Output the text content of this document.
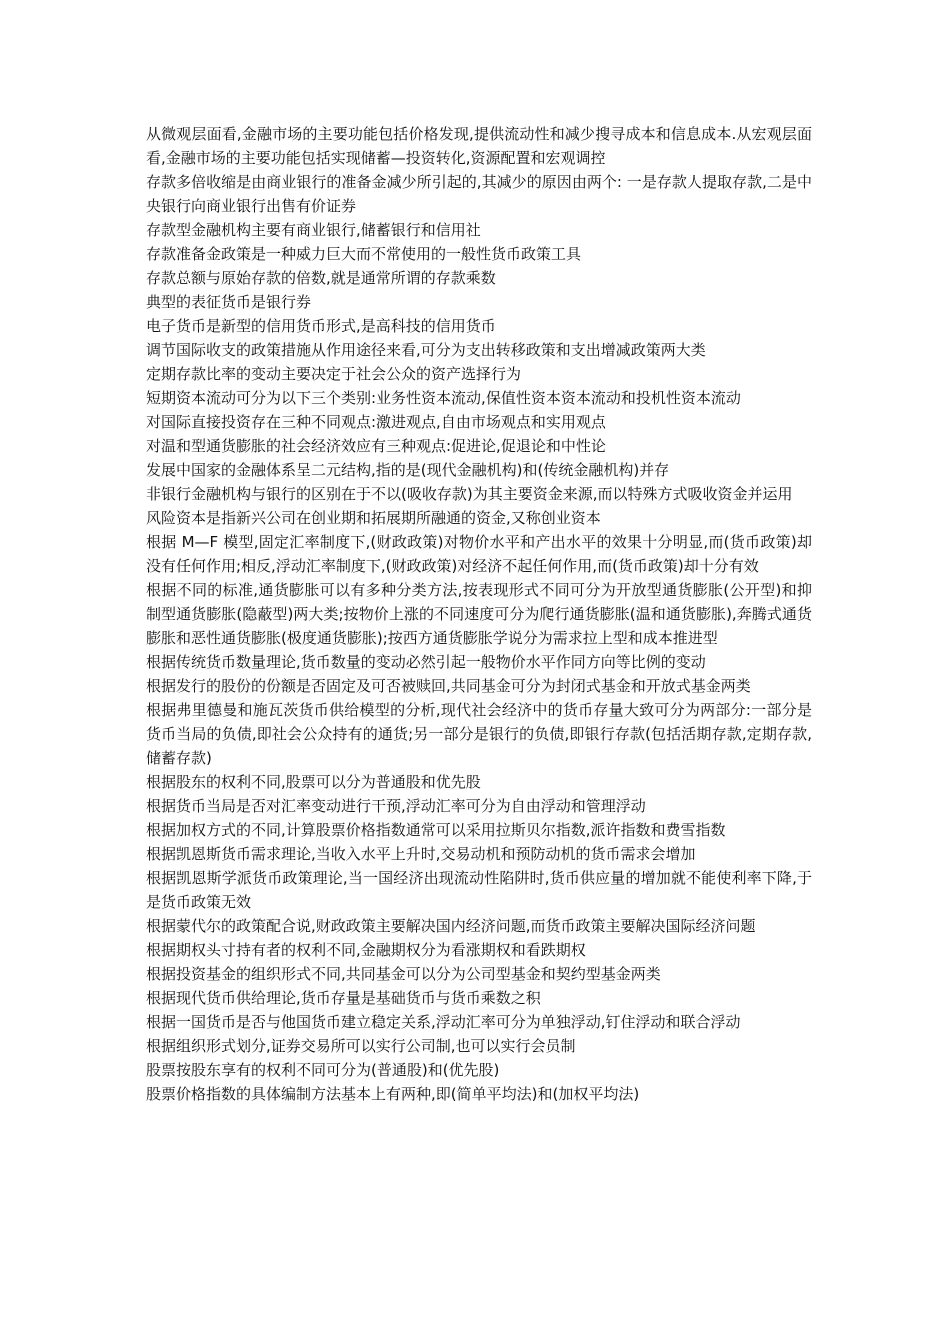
从微观层面看,金融市场的主要功能包括价格发现,提供流动性和减少搜寻成本和信息成本.从宏观层面看,金融市场的主要功能包括实现储蓄—投资转化,资源配置和宏观调控

存款多倍收缩是由商业银行的准备金减少所引起的,其减少的原因由两个: 一是存款人提取存款,二是中央银行向商业银行出售有价证券

存款型金融机构主要有商业银行,储蓄银行和信用社

存款准备金政策是一种威力巨大而不常使用的一般性货币政策工具

存款总额与原始存款的倍数,就是通常所谓的存款乘数

典型的表征货币是银行券

电子货币是新型的信用货币形式,是高科技的信用货币

调节国际收支的政策措施从作用途径来看,可分为支出转移政策和支出增减政策两大类

定期存款比率的变动主要决定于社会公众的资产选择行为

短期资本流动可分为以下三个类别:业务性资本流动,保值性资本资本流动和投机性资本流动

对国际直接投资存在三种不同观点:激进观点,自由市场观点和实用观点

对温和型通货膨胀的社会经济效应有三种观点:促进论,促退论和中性论

发展中国家的金融体系呈二元结构,指的是(现代金融机构)和(传统金融机构)并存

非银行金融机构与银行的区别在于不以(吸收存款)为其主要资金来源,而以特殊方式吸收资金并运用

风险资本是指新兴公司在创业期和拓展期所融通的资金,又称创业资本

根据 M—F 模型,固定汇率制度下,(财政政策)对物价水平和产出水平的效果十分明显,而(货币政策)却没有任何作用;相反,浮动汇率制度下,(财政政策)对经济不起任何作用,而(货币政策)却十分有效

根据不同的标准,通货膨胀可以有多种分类方法,按表现形式不同可分为开放型通货膨胀(公开型)和抑制型通货膨胀(隐蔽型)两大类;按物价上涨的不同速度可分为爬行通货膨胀(温和通货膨胀),奔腾式通货膨胀和恶性通货膨胀(极度通货膨胀);按西方通货膨胀学说分为需求拉上型和成本推进型

根据传统货币数量理论,货币数量的变动必然引起一般物价水平作同方向等比例的变动

根据发行的股份的份额是否固定及可否被赎回,共同基金可分为封闭式基金和开放式基金两类

根据弗里德曼和施瓦茨货币供给模型的分析,现代社会经济中的货币存量大致可分为两部分:一部分是货币当局的负债,即社会公众持有的通货;另一部分是银行的负债,即银行存款(包括活期存款,定期存款,储蓄存款)

根据股东的权利不同,股票可以分为普通股和优先股

根据货币当局是否对汇率变动进行干预,浮动汇率可分为自由浮动和管理浮动

根据加权方式的不同,计算股票价格指数通常可以采用拉斯贝尔指数,派许指数和费雪指数

根据凯恩斯货币需求理论,当收入水平上升时,交易动机和预防动机的货币需求会增加

根据凯恩斯学派货币政策理论,当一国经济出现流动性陷阱时,货币供应量的增加就不能使利率下降,于是货币政策无效

根据蒙代尔的政策配合说,财政政策主要解决国内经济问题,而货币政策主要解决国际经济问题

根据期权头寸持有者的权利不同,金融期权分为看涨期权和看跌期权

根据投资基金的组织形式不同,共同基金可以分为公司型基金和契约型基金两类

根据现代货币供给理论,货币存量是基础货币与货币乘数之积

根据一国货币是否与他国货币建立稳定关系,浮动汇率可分为单独浮动,钉住浮动和联合浮动

根据组织形式划分,证券交易所可以实行公司制,也可以实行会员制

股票按股东享有的权利不同可分为(普通股)和(优先股)

股票价格指数的具体编制方法基本上有两种,即(简单平均法)和(加权平均法)
